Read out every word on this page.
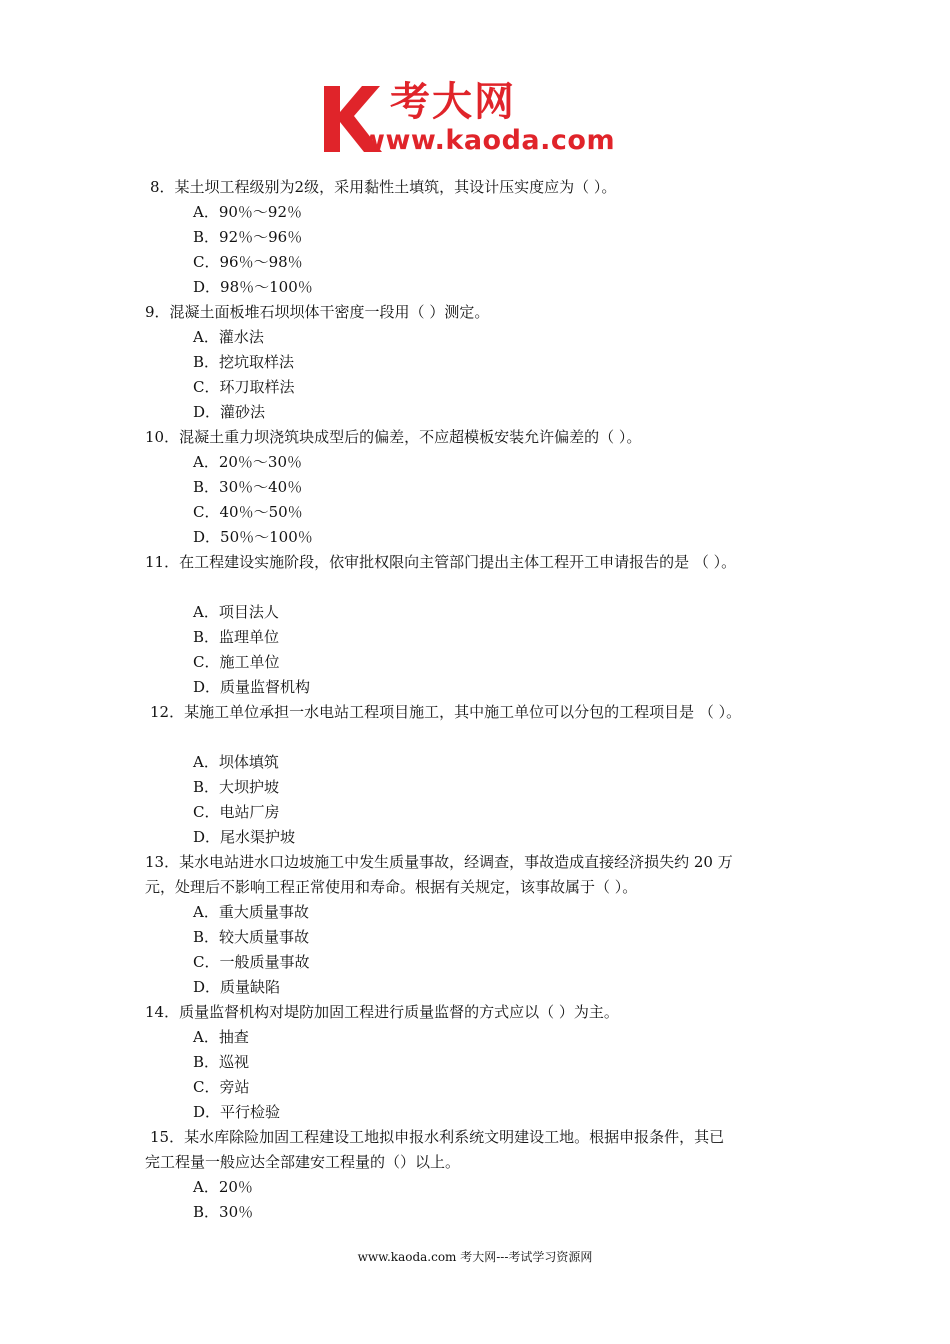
考大网
www.kaoda.com
8．某土坝工程级别为2级，采用黏性土填筑，其设计压实度应为（ ）。
A．90％～92％
B．92％～96％
C．96％～98％
D．98％～100％
9．混凝土面板堆石坝坝体干密度一段用（ ）测定。
A．灌水法
B．挖坑取样法
C．环刀取样法
D．灌砂法
10．混凝土重力坝浇筑块成型后的偏差，不应超模板安装允许偏差的（ ）。
A．20％～30％
B．30％～40％
C．40％～50％
D．50％～100％
11．在工程建设实施阶段，依审批权限向主管部门提出主体工程开工申请报告的是 （ ）。
A．项目法人
B．监理单位
C．施工单位
D．质量监督机构
12．某施工单位承担一水电站工程项目施工，其中施工单位可以分包的工程项目是 （ ）。
A．坝体填筑
B．大坝护坡
C．电站厂房
D．尾水渠护坡
13．某水电站进水口边坡施工中发生质量事故，经调查，事故造成直接经济损失约 20 万
元，处理后不影响工程正常使用和寿命。根据有关规定，该事故属于（ ）。
A．重大质量事故
B．较大质量事故
C．一般质量事故
D．质量缺陷
14．质量监督机构对堤防加固工程进行质量监督的方式应以（ ）为主。
A．抽查
B．巡视
C．旁站
D．平行检验
15．某水库除险加固工程建设工地拟申报水利系统文明建设工地。根据申报条件，其已
完工程量一般应达全部建安工程量的（）以上。
A．20％
B．30％
www.kaoda.com 考大网---考试学习资源网
